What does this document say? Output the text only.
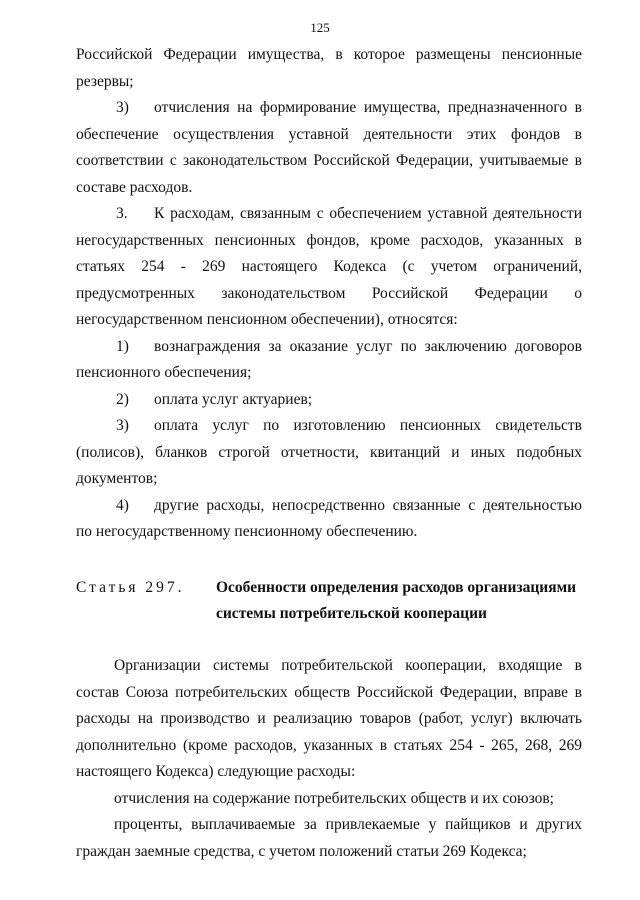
125

Российской Федерации имущества, в которое размещены пенсионные резервы;

3) отчисления на формирование имущества, предназначенного в обеспечение осуществления уставной деятельности этих фондов в соответствии с законодательством Российской Федерации, учитываемые в составе расходов.

3. К расходам, связанным с обеспечением уставной деятельности негосударственных пенсионных фондов, кроме расходов, указанных в статьях 254 - 269 настоящего Кодекса (с учетом ограничений, предусмотренных законодательством Российской Федерации о негосударственном пенсионном обеспечении), относятся:

1) вознаграждения за оказание услуг по заключению договоров пенсионного обеспечения;

2) оплата услуг актуариев;

3) оплата услуг по изготовлению пенсионных свидетельств (полисов), бланков строгой отчетности, квитанций и иных подобных документов;

4) другие расходы, непосредственно связанные с деятельностью по негосударственному пенсионному обеспечению.

Статья 297. Особенности определения расходов организациями системы потребительской кооперации

Организации системы потребительской кооперации, входящие в состав Союза потребительских обществ Российской Федерации, вправе в расходы на производство и реализацию товаров (работ, услуг) включать дополнительно (кроме расходов, указанных в статьях 254 - 265, 268, 269 настоящего Кодекса) следующие расходы:

отчисления на содержание потребительских обществ и их союзов;

проценты, выплачиваемые за привлекаемые у пайщиков и других граждан заемные средства, с учетом положений статьи 269 Кодекса;
